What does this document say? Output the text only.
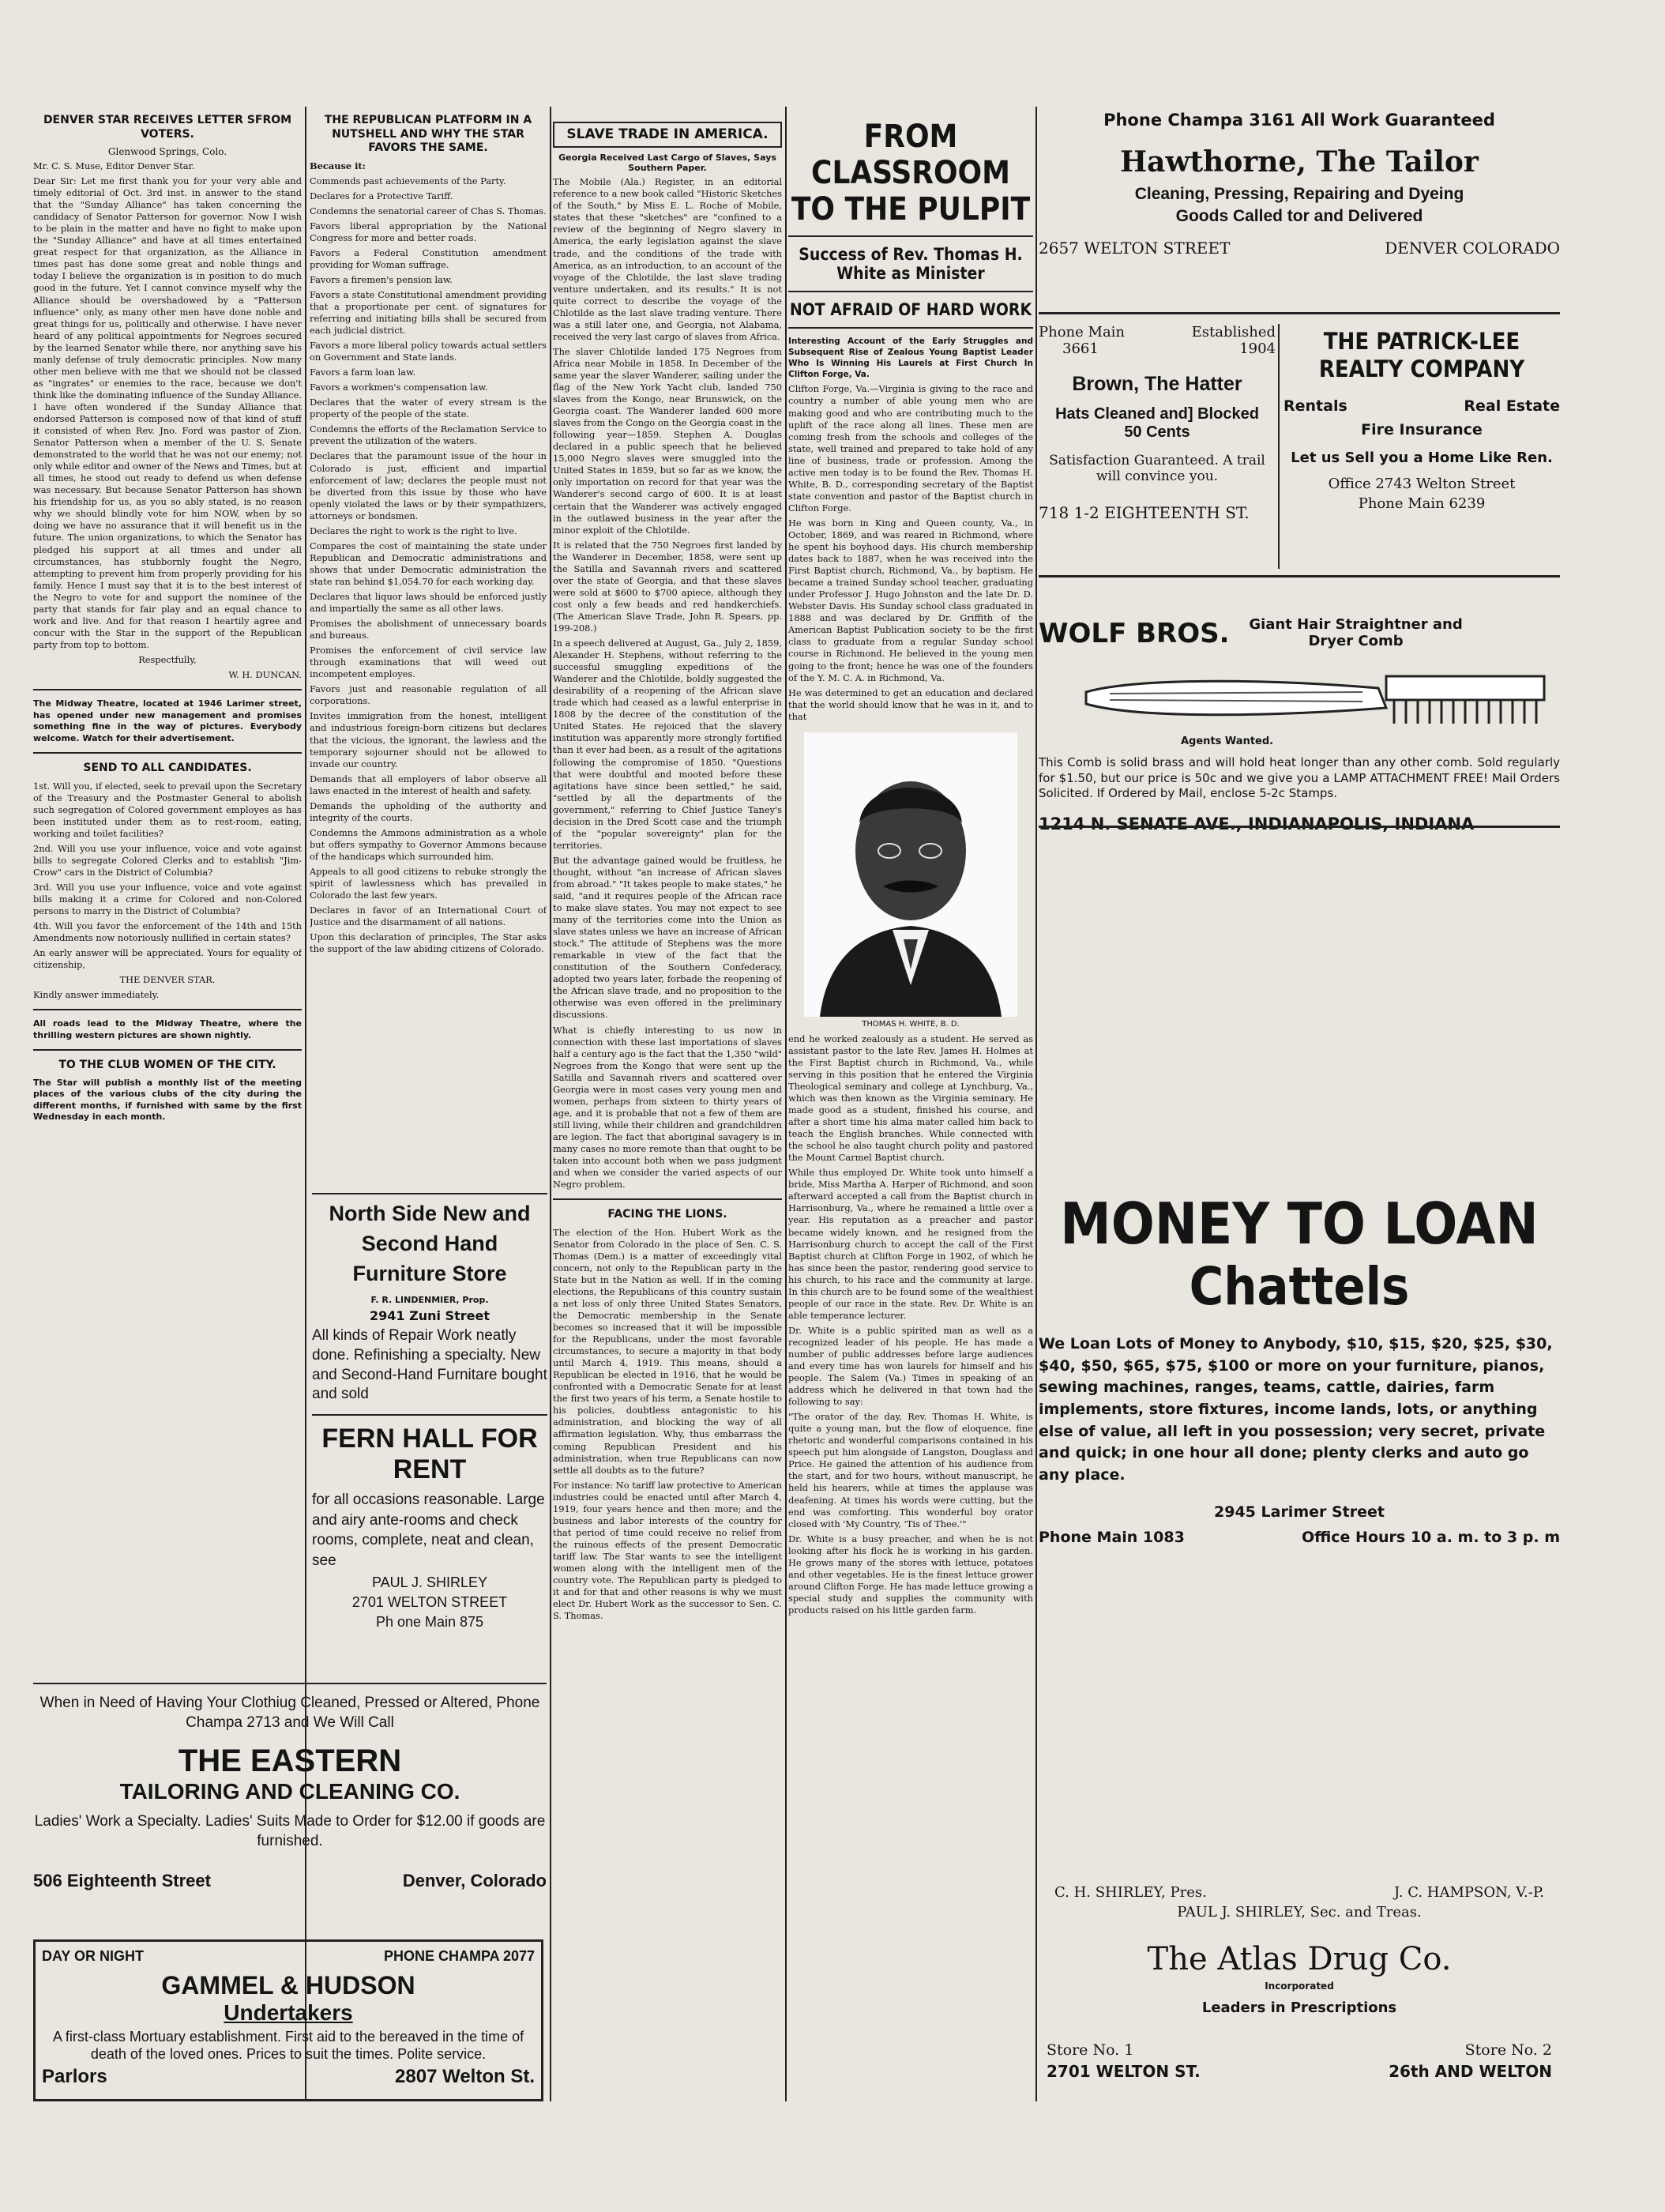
DENVER STAR RECEIVES LETTER SFROM VOTERS.
Glenwood Springs, Colo.
Mr. C. S. Muse, Editor Denver Star.
Dear Sir: Let me first thank you for your very able and timely editorial of Oct. 3rd inst. in answer to the stand that the "Sunday Alliance" has taken concerning the candidacy of Senator Patterson for governor. Now I wish to be plain in the matter and have no fight to make upon the "Sunday Alliance" and have at all times entertained great respect for that organization, as the Alliance in times past has done some great and noble things and today I believe the organization is in position to do much good in the future. Yet I cannot convince myself why the Alliance should be overshadowed by a "Patterson influence" only, as many other men have done noble and great things for us, politically and otherwise. I have never heard of any political appointments for Negroes secured by the learned Senator while there, nor anything save his manly defense of truly democratic principles. Now many other men believe with me that we should not be classed as "ingrates" or enemies to the race, because we don't think like the dominating influence of the Sunday Alliance. I have often wondered if the Sunday Alliance that endorsed Patterson is composed now of that kind of stuff it consisted of when Rev. Jno. Ford was pastor of Zion. Senator Patterson when a member of the U. S. Senate demonstrated to the world that he was not our enemy; not only while editor and owner of the News and Times, but at all times, he stood out ready to defend us when defense was necessary. But because Senator Patterson has shown his friendship for us, as you so ably stated, is no reason why we should blindly vote for him NOW, when by so doing we have no assurance that it will benefit us in the future. The union organizations, to which the Senator has pledged his support at all times and under all circumstances, has stubbornly fought the Negro, attempting to prevent him from properly providing for his family. Hence I must say that it is to the best interest of the Negro to vote for and support the nominee of the party that stands for fair play and an equal chance to work and live. And for that reason I heartily agree and concur with the Star in the support of the Republican party from top to bottom.
Respectfully,
W. H. DUNCAN.
The Midway Theatre, located at 1946 Larimer street, has opened under new management and promises something fine in the way of pictures. Everybody welcome. Watch for their advertisement.
SEND TO ALL CANDIDATES.
1st. Will you, if elected, seek to prevail upon the Secretary of the Treasury and the Postmaster General to abolish such segregation of Colored government employes as has been instituted under them as to rest-room, eating, working and toilet facilities?
2nd. Will you use your influence, voice and vote against bills to segregate Colored Clerks and to establish "Jim-Crow" cars in the District of Columbia?
3rd. Will you use your influence, voice and vote against bills making it a crime for Colored and non-Colored persons to marry in the District of Columbia?
4th. Will you favor the enforcement of the 14th and 15th Amendments now notoriously nullified in certain states?
An early answer will be appreciated. Yours for equality of citizenship,
THE DENVER STAR.
Kindly answer immediately.
All roads lead to the Midway Theatre, where the thrilling western pictures are shown nightly.
TO THE CLUB WOMEN OF THE CITY.
The Star will publish a monthly list of the meeting places of the various clubs of the city during the different months, if furnished with same by the first Wednesday in each month.
THE REPUBLICAN PLATFORM IN A NUTSHELL AND WHY THE STAR FAVORS THE SAME.
Because it:
Commends past achievements of the Party.
Declares for a Protective Tariff.
Condemns the senatorial career of Chas S. Thomas.
Favors liberal appropriation by the National Congress for more and better roads.
Favors a Federal Constitution amendment providing for Woman suffrage.
Favors a firemen's pension law.
Favors a state Constitutional amendment providing that a proportionate per cent. of signatures for referring and initiating bills shall be secured from each judicial district.
Favors a more liberal policy towards actual settlers on Government and State lands.
Favors a farm loan law.
Favors a workmen's compensation law.
Declares that the water of every stream is the property of the people of the state.
Condemns the efforts of the Reclamation Service to prevent the utilization of the waters.
Declares that the paramount issue of the hour in Colorado is just, efficient and impartial enforcement of law; declares the people must not be diverted from this issue by those who have openly violated the laws or by their sympathizers, attorneys or bondsmen.
Declares the right to work is the right to live.
Compares the cost of maintaining the state under Republican and Democratic administrations and shows that under Democratic administration the state ran behind $1,054.70 for each working day.
Declares that liquor laws should be enforced justly and impartially the same as all other laws.
Promises the abolishment of unnecessary boards and bureaus.
Promises the enforcement of civil service law through examinations that will weed out incompetent employes.
Favors just and reasonable regulation of all corporations.
Invites immigration from the honest, intelligent and industrious foreign-born citizens but declares that the vicious, the ignorant, the lawless and the temporary sojourner should not be allowed to invade our country.
Demands that all employers of labor observe all laws enacted in the interest of health and safety.
Demands the upholding of the authority and integrity of the courts.
Condemns the Ammons administration as a whole but offers sympathy to Governor Ammons because of the handicaps which surrounded him.
Appeals to all good citizens to rebuke strongly the spirit of lawlessness which has prevailed in Colorado the last few years.
Declares in favor of an International Court of Justice and the disarmament of all nations.
Upon this declaration of principles, The Star asks the support of the law abiding citizens of Colorado.
North Side New and Second Hand Furniture Store
F. R. LINDENMIER, Prop.
2941 Zuni Street
All kinds of Repair Work neatly done. Refinishing a specialty. New and Second-Hand Furnitare bought and sold
FERN HALL FOR RENT
for all occasions reasonable. Large and airy ante-rooms and check rooms, complete, neat and clean, see
PAUL J. SHIRLEY
2701 WELTON STREET
Ph one Main 875
When in Need of Having Your Clothiug Cleaned, Pressed or Altered, Phone Champa 2713 and We Will Call
THE EASTERN
TAILORING AND CLEANING CO.
Ladies' Work a Specialty. Ladies' Suits Made to Order for $12.00 if goods are furnished.
506 Eighteenth Street	Denver, Colorado
DAY OR NIGHT	PHONE CHAMPA 2077
GAMMEL & HUDSON
Undertakers
A first-class Mortuary establishment. First aid to the bereaved in the time of death of the loved ones. Prices to suit the times. Polite service.
Parlors	2807 Welton St.
SLAVE TRADE IN AMERICA.
Georgia Received Last Cargo of Slaves, Says Southern Paper.
The Mobile (Ala.) Register, in an editorial reference to a new book called "Historic Sketches of the South," by Miss E. L. Roche of Mobile, states that these "sketches" are "confined to a review of the beginning of Negro slavery in America, the early legislation against the slave trade, and the conditions of the trade with America, as an introduction, to an account of the voyage of the Chlotilde, the last slave trading venture undertaken, and its results." It is not quite correct to describe the voyage of the Chlotilde as the last slave trading venture. There was a still later one, and Georgia, not Alabama, received the very last cargo of slaves from Africa.
The slaver Chlotilde landed 175 Negroes from Africa near Mobile in 1858. In December of the same year the slaver Wanderer, sailing under the flag of the New York Yacht club, landed 750 slaves from the Kongo, near Brunswick, on the Georgia coast. The Wanderer landed 600 more slaves from the Congo on the Georgia coast in the following year—1859. Stephen A. Douglas declared in a public speech that he believed 15,000 Negro slaves were smuggled into the United States in 1859, but so far as we know, the only importation on record for that year was the Wanderer's second cargo of 600. It is at least certain that the Wanderer was actively engaged in the outlawed business in the year after the minor exploit of the Chlotilde.
It is related that the 750 Negroes first landed by the Wanderer in December, 1858, were sent up the Satilla and Savannah rivers and scattered over the state of Georgia, and that these slaves were sold at $600 to $700 apiece, although they cost only a few beads and red handkerchiefs. (The American Slave Trade, John R. Spears, pp. 199-208.)
In a speech delivered at August, Ga., July 2, 1859, Alexander H. Stephens, without referring to the successful smuggling expeditions of the Wanderer and the Chlotilde, boldly suggested the desirability of a reopening of the African slave trade which had ceased as a lawful enterprise in 1808 by the decree of the constitution of the United States. He rejoiced that the slavery institution was apparently more strongly fortified than it ever had been, as a result of the agitations following the compromise of 1850. "Questions that were doubtful and mooted before these agitations have since been settled," he said, "settled by all the departments of the government," referring to Chief Justice Taney's decision in the Dred Scott case and the triumph of the "popular sovereignty" plan for the territories.
But the advantage gained would be fruitless, he thought, without "an increase of African slaves from abroad." "It takes people to make states," he said, "and it requires people of the African race to make slave states. You may not expect to see many of the territories come into the Union as slave states unless we have an increase of African stock." The attitude of Stephens was the more remarkable in view of the fact that the constitution of the Southern Confederacy, adopted two years later, forbade the reopening of the African slave trade, and no proposition to the otherwise was even offered in the preliminary discussions.
What is chiefly interesting to us now in connection with these last importations of slaves half a century ago is the fact that the 1,350 "wild" Negroes from the Kongo that were sent up the Satilla and Savannah rivers and scattered over Georgia were in most cases very young men and women, perhaps from sixteen to thirty years of age, and it is probable that not a few of them are still living, while their children and grandchildren are legion. The fact that aboriginal savagery is in many cases no more remote than that ought to be taken into account both when we pass judgment and when we consider the varied aspects of our Negro problem.
FACING THE LIONS.
The election of the Hon. Hubert Work as the Senator from Colorado in the place of Sen. C. S. Thomas (Dem.) is a matter of exceedingly vital concern, not only to the Republican party in the State but in the Nation as well. If in the coming elections, the Republicans of this country sustain a net loss of only three United States Senators, the Democratic membership in the Senate becomes so increased that it will be impossible for the Republicans, under the most favorable circumstances, to secure a majority in that body until March 4, 1919. This means, should a Republican be elected in 1916, that he would be confronted with a Democratic Senate for at least the first two years of his term, a Senate hostile to his policies, doubtless antagonistic to his administration, and blocking the way of all affirmation legislation. Why, thus embarrass the coming Republican President and his administration, when true Republicans can now settle all doubts as to the future?
For instance: No tariff law protective to American industries could be enacted until after March 4, 1919, four years hence and then more; and the business and labor interests of the country for that period of time could receive no relief from the ruinous effects of the present Democratic tariff law. The Star wants to see the intelligent women along with the intelligent men of the country vote. The Republican party is pledged to it and for that and other reasons is why we must elect Dr. Hubert Work as the successor to Sen. C. S. Thomas.
FROM CLASSROOM
TO THE PULPIT
Success of Rev. Thomas H. White as Minister
NOT AFRAID OF HARD WORK
Interesting Account of the Early Struggles and Subsequent Rise of Zealous Young Baptist Leader Who Is Winning His Laurels at First Church In Clifton Forge, Va.
Clifton Forge, Va.—Virginia is giving to the race and country a number of able young men who are making good and who are contributing much to the uplift of the race along all lines. These men are coming fresh from the schools and colleges of the state, well trained and prepared to take hold of any line of business, trade or profession. Among the active men today is to be found the Rev. Thomas H. White, B. D., corresponding secretary of the Baptist state convention and pastor of the Baptist church in Clifton Forge.
He was born in King and Queen county, Va., in October, 1869, and was reared in Richmond, where he spent his boyhood days. His church membership dates back to 1887, when he was received into the First Baptist church, Richmond, Va., by baptism. He became a trained Sunday school teacher, graduating under Professor J. Hugo Johnston and the late Dr. D. Webster Davis. His Sunday school class graduated in 1888 and was declared by Dr. Griffith of the American Baptist Publication society to be the first class to graduate from a regular Sunday school course in Richmond. He believed in the young men going to the front; hence he was one of the founders of the Y. M. C. A. in Richmond, Va.
He was determined to get an education and declared that the world should know that he was in it, and to that
THOMAS H. WHITE, B. D.
end he worked zealously as a student. He served as assistant pastor to the late Rev. James H. Holmes at the First Baptist church in Richmond, Va., while serving in this position that he entered the Virginia Theological seminary and college at Lynchburg, Va., which was then known as the Virginia seminary. He made good as a student, finished his course, and after a short time his alma mater called him back to teach the English branches. While connected with the school he also taught church polity and pastored the Mount Carmel Baptist church.
While thus employed Dr. White took unto himself a bride, Miss Martha A. Harper of Richmond, and soon afterward accepted a call from the Baptist church in Harrisonburg, Va., where he remained a little over a year. His reputation as a preacher and pastor became widely known, and he resigned from the Harrisonburg church to accept the call of the First Baptist church at Clifton Forge in 1902, of which he has since been the pastor, rendering good service to his church, to his race and the community at large. In this church are to be found some of the wealthiest people of our race in the state. Rev. Dr. White is an able temperance lecturer.
Dr. White is a public spirited man as well as a recognized leader of his people. He has made a number of public addresses before large audiences and every time has won laurels for himself and his people. The Salem (Va.) Times in speaking of an address which he delivered in that town had the following to say:
"The orator of the day, Rev. Thomas H. White, is quite a young man, but the flow of eloquence, fine rhetoric and wonderful comparisons contained in his speech put him alongside of Langston, Douglass and Price. He gained the attention of his audience from the start, and for two hours, without manuscript, he held his hearers, while at times the applause was deafening. At times his words were cutting, but the end was comforting. This wonderful boy orator closed with 'My Country, 'Tis of Thee.'"
Dr. White is a busy preacher, and when he is not looking after his flock he is working in his garden. He grows many of the stores with lettuce, potatoes and other vegetables. He is the finest lettuce grower around Clifton Forge. He has made lettuce growing a special study and supplies the community with products raised on his little garden farm.
Phone Champa 3161 All Work Guaranteed
Hawthorne, The Tailor
Cleaning, Pressing, Repairing and Dyeing
Goods Called tor and Delivered
2657 WELTON STREET	DENVER COLORADO
Phone Main	Established
3661	1904
Brown, The Hatter
Hats Cleaned and] Blocked
50 Cents
Satisfaction Guaranteed. A trail will convince you.
718 1-2 EIGHTEENTH ST.
THE PATRICK-LEE REALTY COMPANY
Rentals	Real Estate
Fire Insurance
Let us Sell you a Home Like Ren.
Office 2743 Welton Street
Phone Main 6239
WOLF BROS.	Giant Hair Straightner and Dryer Comb
Agents Wanted.
This Comb is solid brass and will hold heat longer than any other comb. Sold regularly for $1.50, but our price is 50c and we give you a LAMP ATTACHMENT FREE! Mail Orders Solicited. If Ordered by Mail, enclose 5-2c Stamps.
1214 N. SENATE AVE., INDIANAPOLIS, INDIANA
MONEY TO LOAN
Chattels
We Loan Lots of Money to Anybody, $10, $15, $20, $25, $30, $40, $50, $65, $75, $100 or more on your furniture, pianos, sewing machines, ranges, teams, cattle, dairies, farm implements, store fixtures, income lands, lots, or anything else of value, all left in you possession; very secret, private and quick; in one hour all done; plenty clerks and auto go any place.
2945 Larimer Street
Phone Main 1083	Office Hours 10 a. m. to 3 p. m
C. H. SHIRLEY, Pres.	J. C. HAMPSON, V.-P.
PAUL J. SHIRLEY, Sec. and Treas.
The Atlas Drug Co.
Incorporated
Leaders in Prescriptions
Store No. 1	Store No. 2
2701 WELTON ST.	26th AND WELTON
